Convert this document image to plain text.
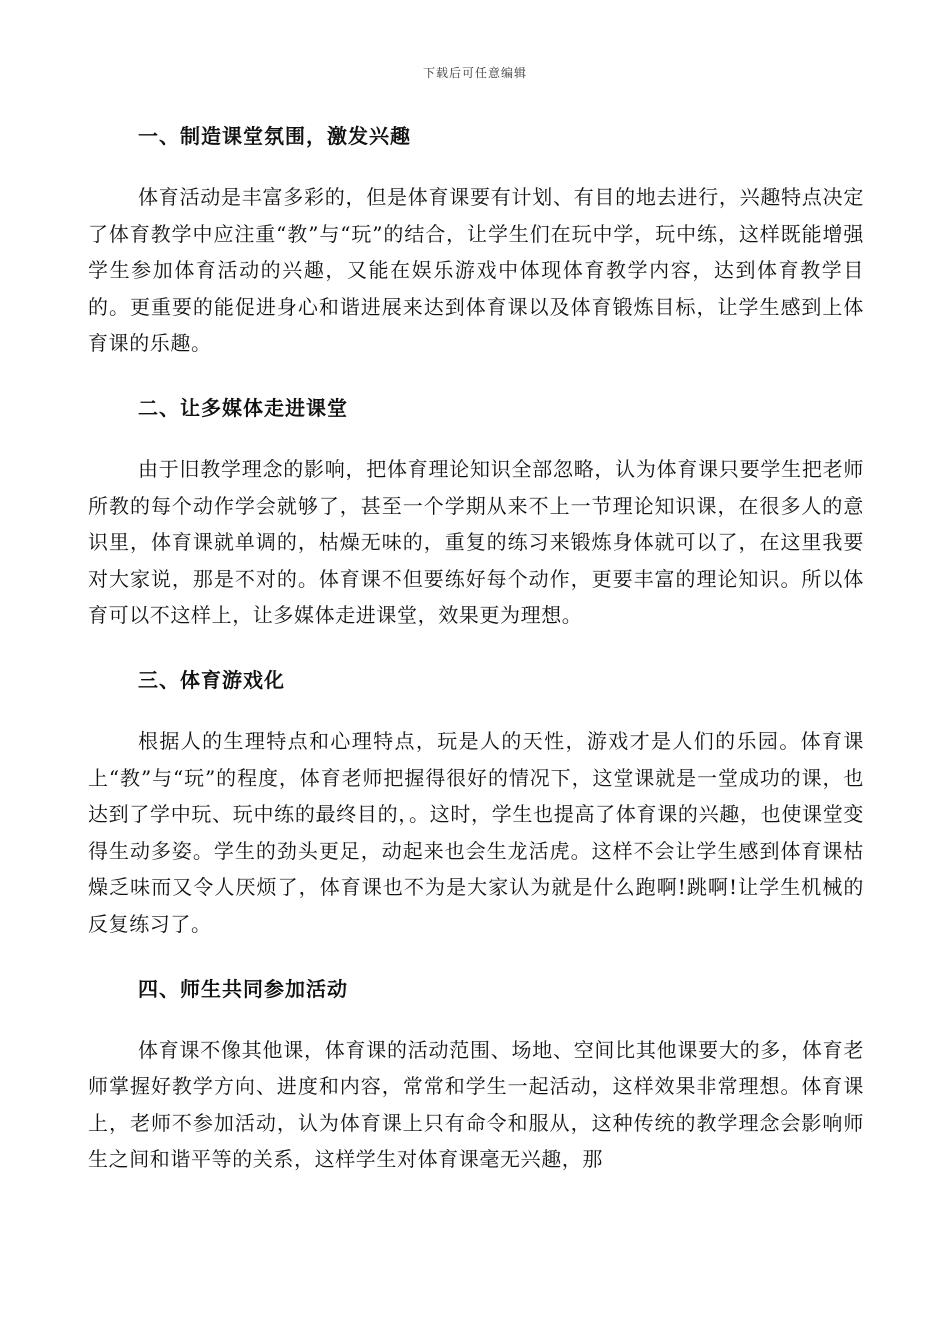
下载后可任意编辑
一、制造课堂氛围，激发兴趣

体育活动是丰富多彩的，但是体育课要有计划、有目的地去进行，兴趣特点决定了体育教学中应注重“教”与“玩”的结合，让学生们在玩中学，玩中练，这样既能增强学生参加体育活动的兴趣，又能在娱乐游戏中体现体育教学内容，达到体育教学目的。更重要的能促进身心和谐进展来达到体育课以及体育锻炼目标，让学生感到上体育课的乐趣。

二、让多媒体走进课堂

由于旧教学理念的影响，把体育理论知识全部忽略，认为体育课只要学生把老师所教的每个动作学会就够了，甚至一个学期从来不上一节理论知识课，在很多人的意识里，体育课就单调的，枯燥无味的，重复的练习来锻炼身体就可以了，在这里我要对大家说，那是不对的。体育课不但要练好每个动作，更要丰富的理论知识。所以体育可以不这样上，让多媒体走进课堂，效果更为理想。

三、体育游戏化

根据人的生理特点和心理特点，玩是人的天性，游戏才是人们的乐园。体育课上“教”与“玩”的程度，体育老师把握得很好的情况下，这堂课就是一堂成功的课，也达到了学中玩、玩中练的最终目的，。这时，学生也提高了体育课的兴趣，也使课堂变得生动多姿。学生的劲头更足，动起来也会生龙活虎。这样不会让学生感到体育课枯燥乏味而又令人厌烦了，体育课也不为是大家认为就是什么跑啊!跳啊!让学生机械的反复练习了。

四、师生共同参加活动

体育课不像其他课，体育课的活动范围、场地、空间比其他课要大的多，体育老师掌握好教学方向、进度和内容，常常和学生一起活动，这样效果非常理想。体育课上，老师不参加活动，认为体育课上只有命令和服从，这种传统的教学理念会影响师生之间和谐平等的关系，这样学生对体育课毫无兴趣，那
